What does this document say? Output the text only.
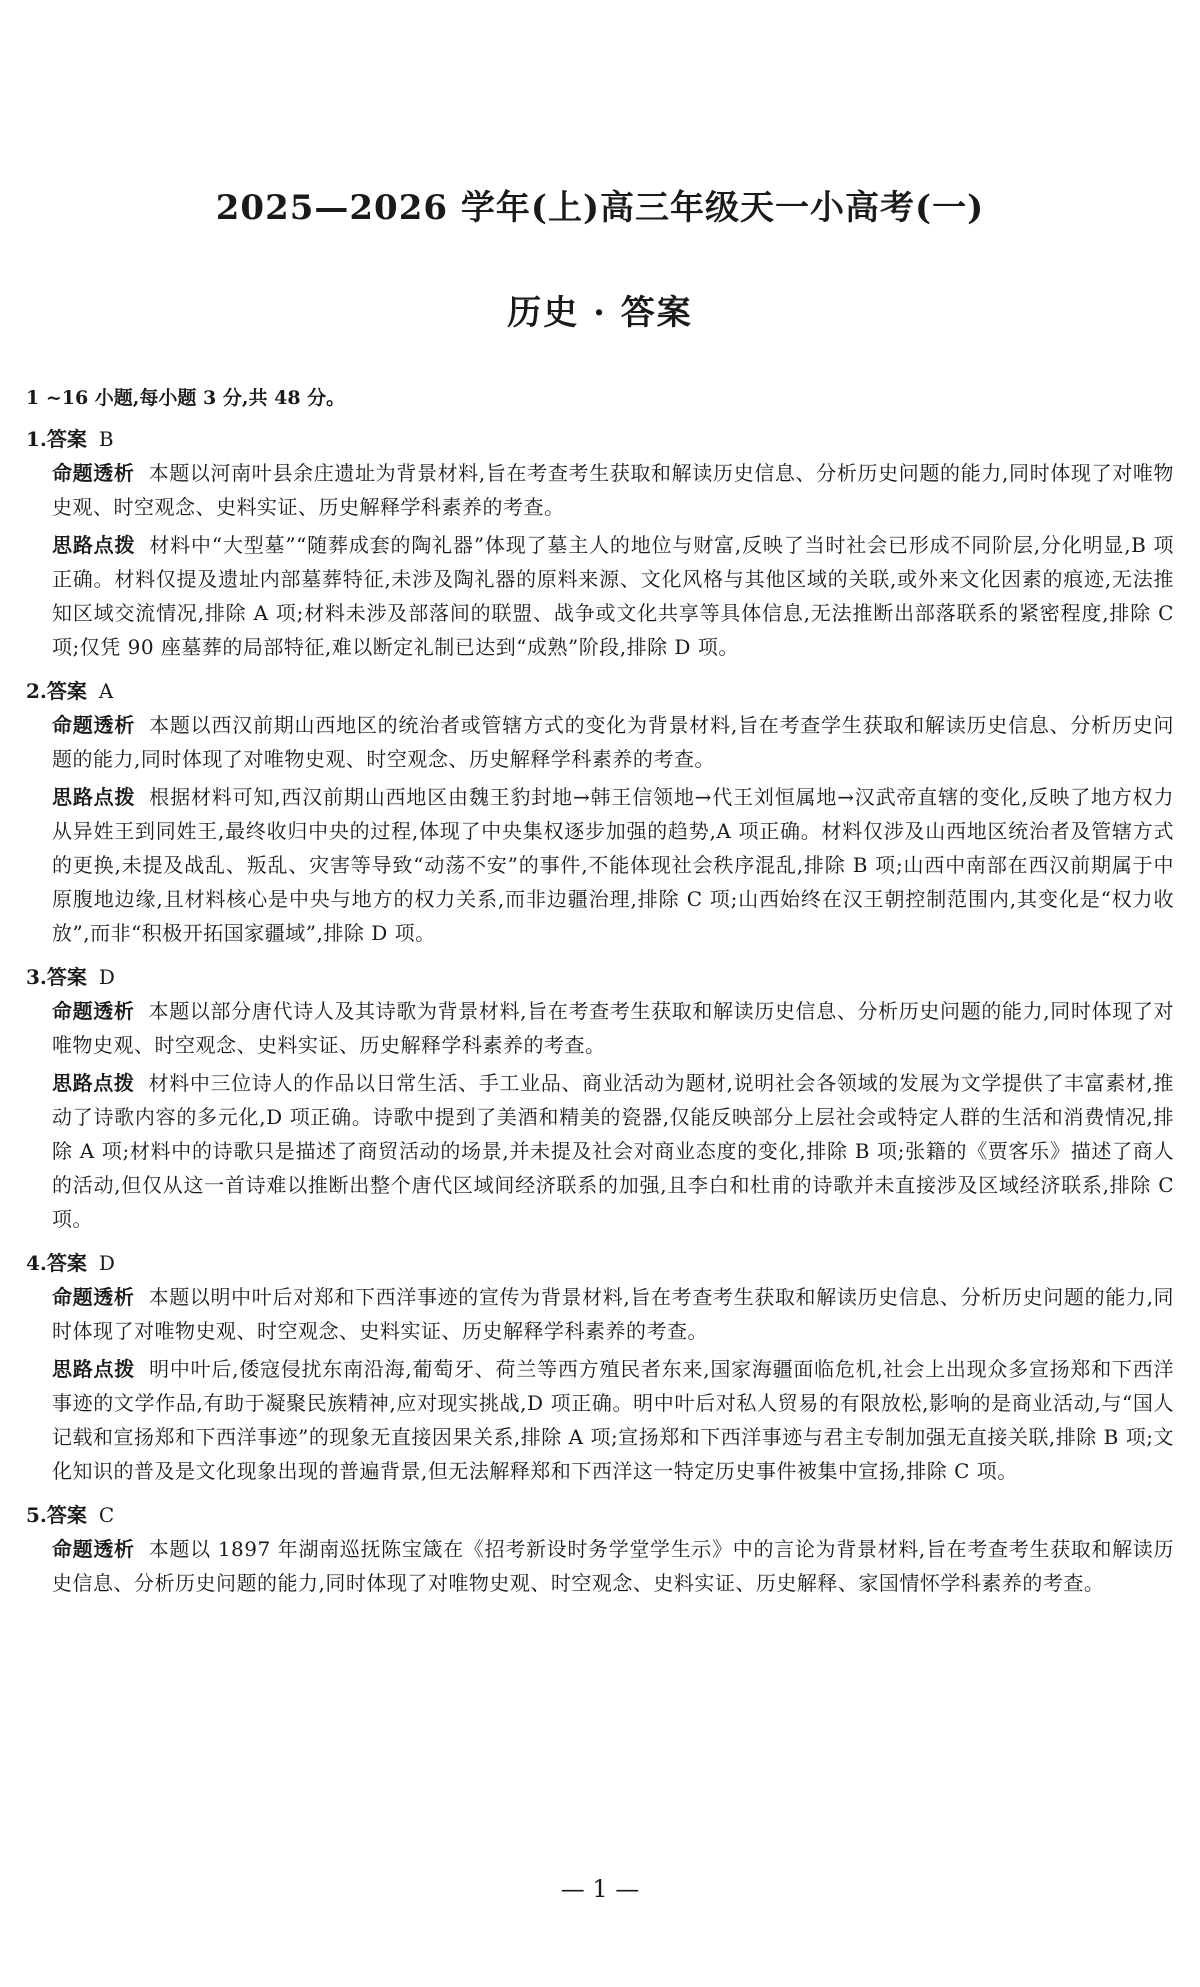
2025—2026 学年(上)高三年级天一小高考(一)
历史 · 答案
1 ~16 小题,每小题 3 分,共 48 分。
1.答案 B
命题透析 本题以河南叶县余庄遗址为背景材料,旨在考查考生获取和解读历史信息、分析历史问题的能力,同时体现了对唯物史观、时空观念、史料实证、历史解释学科素养的考查。
思路点拨 材料中“大型墓”“随葬成套的陶礼器”体现了墓主人的地位与财富,反映了当时社会已形成不同阶层,分化明显,B 项正确。材料仅提及遗址内部墓葬特征,未涉及陶礼器的原料来源、文化风格与其他区域的关联,或外来文化因素的痕迹,无法推知区域交流情况,排除 A 项;材料未涉及部落间的联盟、战争或文化共享等具体信息,无法推断出部落联系的紧密程度,排除 C 项;仅凭 90 座墓葬的局部特征,难以断定礼制已达到“成熟”阶段,排除 D 项。
2.答案 A
命题透析 本题以西汉前期山西地区的统治者或管辖方式的变化为背景材料,旨在考查学生获取和解读历史信息、分析历史问题的能力,同时体现了对唯物史观、时空观念、历史解释学科素养的考查。
思路点拨 根据材料可知,西汉前期山西地区由魏王豹封地→韩王信领地→代王刘恒属地→汉武帝直辖的变化,反映了地方权力从异姓王到同姓王,最终收归中央的过程,体现了中央集权逐步加强的趋势,A 项正确。材料仅涉及山西地区统治者及管辖方式的更换,未提及战乱、叛乱、灾害等导致“动荡不安”的事件,不能体现社会秩序混乱,排除 B 项;山西中南部在西汉前期属于中原腹地边缘,且材料核心是中央与地方的权力关系,而非边疆治理,排除 C 项;山西始终在汉王朝控制范围内,其变化是“权力收放”,而非“积极开拓国家疆域”,排除 D 项。
3.答案 D
命题透析 本题以部分唐代诗人及其诗歌为背景材料,旨在考查考生获取和解读历史信息、分析历史问题的能力,同时体现了对唯物史观、时空观念、史料实证、历史解释学科素养的考查。
思路点拨 材料中三位诗人的作品以日常生活、手工业品、商业活动为题材,说明社会各领域的发展为文学提供了丰富素材,推动了诗歌内容的多元化,D 项正确。诗歌中提到了美酒和精美的瓷器,仅能反映部分上层社会或特定人群的生活和消费情况,排除 A 项;材料中的诗歌只是描述了商贸活动的场景,并未提及社会对商业态度的变化,排除 B 项;张籍的《贾客乐》描述了商人的活动,但仅从这一首诗难以推断出整个唐代区域间经济联系的加强,且李白和杜甫的诗歌并未直接涉及区域经济联系,排除 C 项。
4.答案 D
命题透析 本题以明中叶后对郑和下西洋事迹的宣传为背景材料,旨在考查考生获取和解读历史信息、分析历史问题的能力,同时体现了对唯物史观、时空观念、史料实证、历史解释学科素养的考查。
思路点拨 明中叶后,倭寇侵扰东南沿海,葡萄牙、荷兰等西方殖民者东来,国家海疆面临危机,社会上出现众多宣扬郑和下西洋事迹的文学作品,有助于凝聚民族精神,应对现实挑战,D 项正确。明中叶后对私人贸易的有限放松,影响的是商业活动,与“国人记载和宣扬郑和下西洋事迹”的现象无直接因果关系,排除 A 项;宣扬郑和下西洋事迹与君主专制加强无直接关联,排除 B 项;文化知识的普及是文化现象出现的普遍背景,但无法解释郑和下西洋这一特定历史事件被集中宣扬,排除 C 项。
5.答案 C
命题透析 本题以 1897 年湖南巡抚陈宝箴在《招考新设时务学堂学生示》中的言论为背景材料,旨在考查考生获取和解读历史信息、分析历史问题的能力,同时体现了对唯物史观、时空观念、史料实证、历史解释、家国情怀学科素养的考查。
— 1 —
